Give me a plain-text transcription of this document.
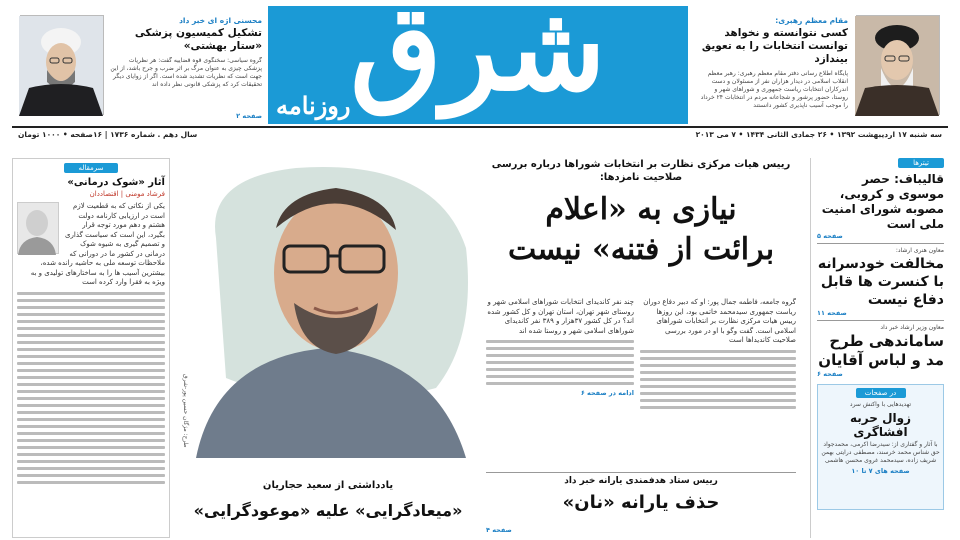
مقام معظم رهبری:
کسی نتوانسته و نخواهد توانست انتخابات را به تعویق بیندازد
پایگاه اطلاع رسانی دفتر مقام معظم رهبری: رهبر معظم انقلاب اسلامی در دیدار هزاران نفر از مسئولان و دست اندرکاران انتخابات ریاست جمهوری و شوراهای شهر و روستا، حضور پرشور و شجاعانه مردم در انتخابات ۲۴ خرداد را موجب آسیب ناپذیری کشور دانستند
شرق
روزنامه
محسنی اژه ای خبر داد
تشکیل کمیسیون پزشکی «ستار بهشتی»
گروه سیاسی: سخنگوی قوه قضاییه گفت: هر نظریات پزشکی چیزی به عنوان مرگ بر اثر ضرب و جرح باشد، از این جهت است که نظریات تشدید شده است. اگر از زوایای دیگر تحقیقات کرد که پزشکی قانونی نظر داده اند
صفحه ۲
سه شنبه ۱۷ اردیبهشت ۱۳۹۲ • ۲۶ جمادی الثانی ۱۴۳۴ • ۷ می ۲۰۱۳
سال دهم . شماره ۱۷۳۶ | ۱۶صفحه • ۱۰۰۰ تومان
تیترها
قالیباف: حصر موسوی و کروبی، مصوبه شورای امنیت ملی است
صفحه ۵
معاون هنری ارشاد:
مخالفت خودسرانه با کنسرت ها قابل دفاع نیست
صفحه ۱۱
معاون وزیر ارشاد خبر داد
ساماندهی طرح مد و لباس آقایان
صفحه ۶
در صفحات
تهدیدهایی با واکنش سرد
زوال حربه افشاگری
با آثار و گفتاری از: سیدرضا اکرمی، محمدجواد حق شناس محمد خرسند، مصطفی درایتی بهمن شریف زاده، سیدمحمد غروی محسن هاشمی
صفحه های ۷ تا ۱۰
رییس هیات مرکزی نظارت بر انتخابات شوراها درباره بررسی صلاحیت نامزدها:
نیازی به «اعلام
برائت از فتنه» نیست
گروه جامعه، فاطمه جمال پور: او که دبیر دفاع دوران ریاست جمهوری سیدمحمد خاتمی بود، این روزها رییس هیات مرکزی نظارت بر انتخابات شوراهای اسلامی است. گفت وگو با او در مورد بررسی صلاحیت کاندیداها است
چند نفر کاندیدای انتخابات شوراهای اسلامی شهر و روستای شهر تهران، استان تهران و کل کشور شده اند؟ در کل کشور ۳۷هزار و ۳۸۹ نفر کاندیدای شوراهای اسلامی شهر و روستا شده اند
ادامه در صفحه ۶
رییس ستاد هدفمندی یارانه خبر داد
حذف یارانه «نان»
صفحه ۴
طرح: مژگان حسین پور-شرق
یادداشتی از سعید حجاریان
«میعادگرایی» علیه «موعودگرایی»
سرمقاله
آثار «شوک درمانی»
فرشاد مومنی | اقتصاددان
یکی از نکاتی که به قطعیت لازم است در ارزیابی کارنامه دولت هشتم و دهم مورد توجه قرار بگیرد، این است که سیاست گذاری و تصمیم گیری به شیوه شوک درمانی در کشور ما در دورانی که ملاحظات توسعه ملی به حاشیه رانده شده، بیشترین آسیب ها را به ساختارهای تولیدی و به ویژه به فقرا وارد کرده است
